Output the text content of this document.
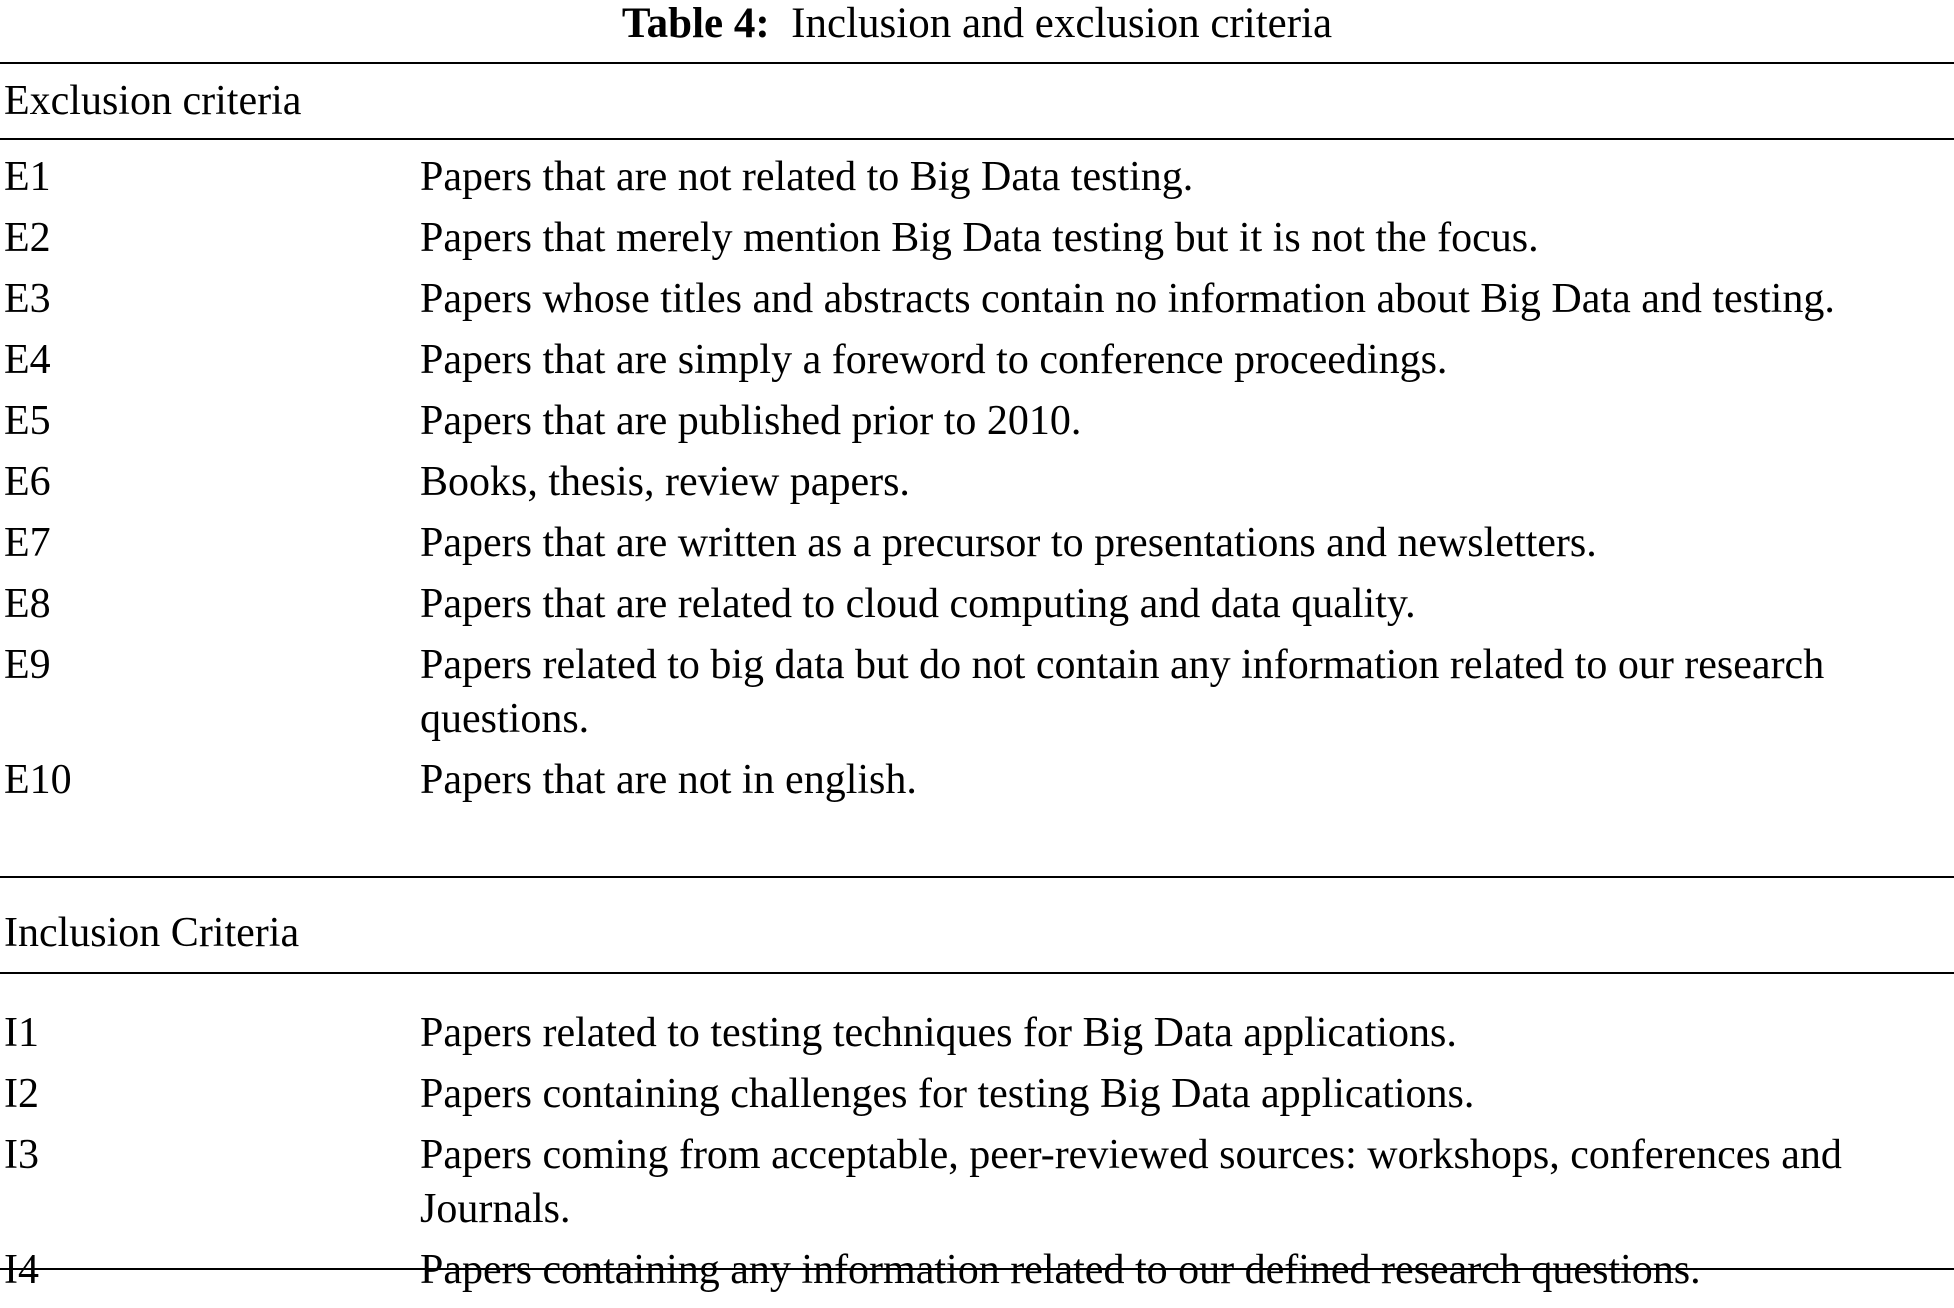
Table 4: Inclusion and exclusion criteria
Exclusion criteria
E1	Papers that are not related to Big Data testing.
E2	Papers that merely mention Big Data testing but it is not the focus.
E3	Papers whose titles and abstracts contain no information about Big Data and testing.
E4	Papers that are simply a foreword to conference proceedings.
E5	Papers that are published prior to 2010.
E6	Books, thesis, review papers.
E7	Papers that are written as a precursor to presentations and newsletters.
E8	Papers that are related to cloud computing and data quality.
E9	Papers related to big data but do not contain any information related to our research questions.
E10	Papers that are not in english.
Inclusion Criteria
I1	Papers related to testing techniques for Big Data applications.
I2	Papers containing challenges for testing Big Data applications.
I3	Papers coming from acceptable, peer-reviewed sources: workshops, conferences and Journals.
I4	Papers containing any information related to our defined research questions.
